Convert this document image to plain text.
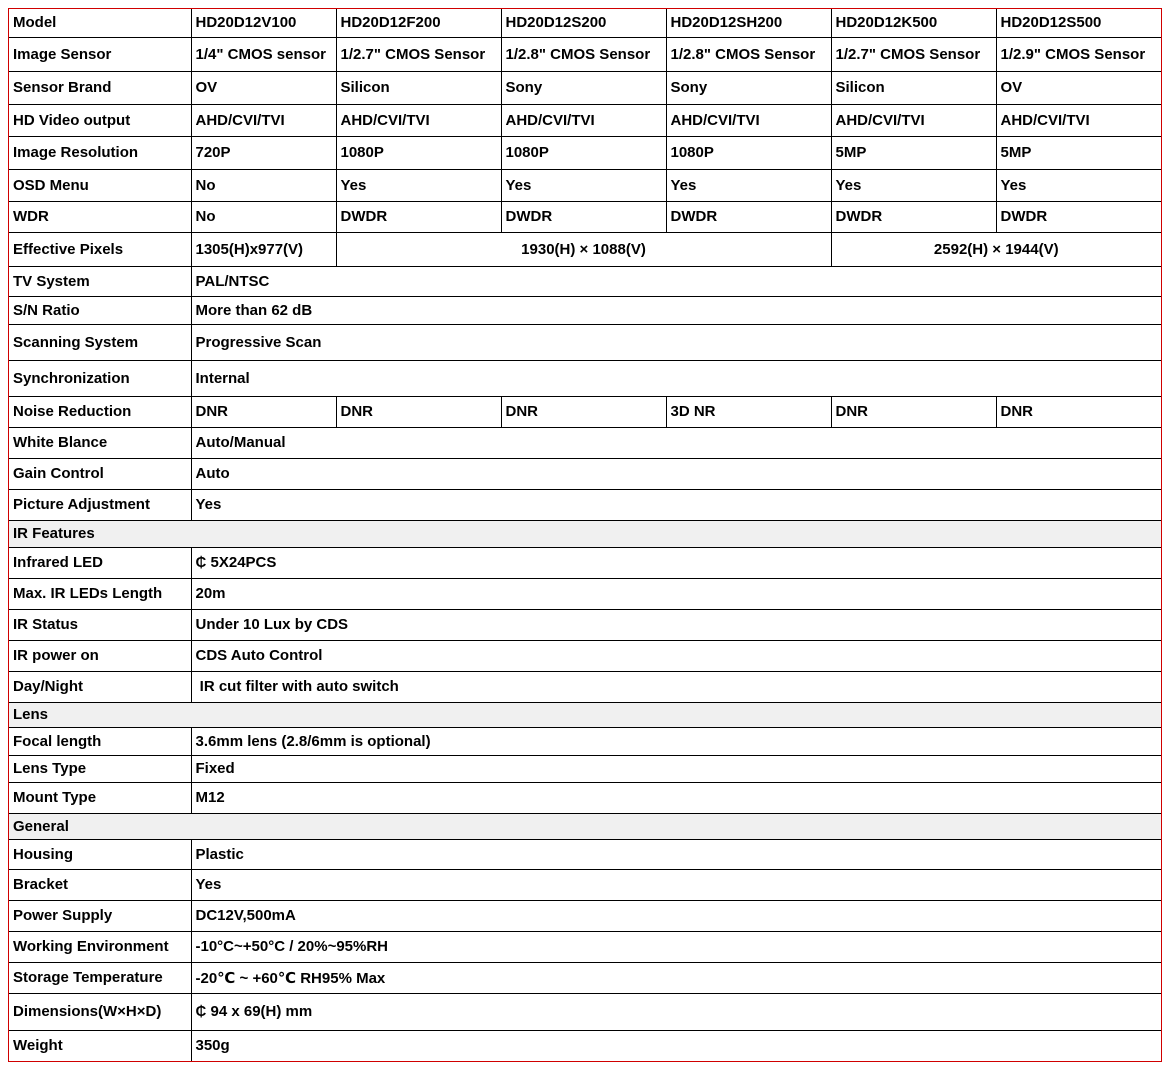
Model	HD20D12V100	HD20D12F200	HD20D12S200	HD20D12SH200	HD20D12K500	HD20D12S500
Image Sensor	1/4" CMOS sensor	1/2.7" CMOS Sensor	1/2.8" CMOS Sensor	1/2.8" CMOS Sensor	1/2.7" CMOS Sensor	1/2.9" CMOS Sensor
Sensor Brand	OV	Silicon	Sony	Sony	Silicon	OV
HD Video output	AHD/CVI/TVI	AHD/CVI/TVI	AHD/CVI/TVI	AHD/CVI/TVI	AHD/CVI/TVI	AHD/CVI/TVI
Image Resolution	720P	1080P	1080P	1080P	5MP	5MP
OSD Menu	No	Yes	Yes	Yes	Yes	Yes
WDR	No	DWDR	DWDR	DWDR	DWDR	DWDR
Effective Pixels	1305(H)x977(V)	1930(H) × 1088(V)			2592(H) × 1944(V)	
TV System	PAL/NTSC					
S/N Ratio	More than 62 dB					
Scanning System	Progressive Scan					
Synchronization	Internal					
Noise Reduction	DNR	DNR	DNR	3D NR	DNR	DNR
White Blance	Auto/Manual					
Gain Control	Auto					
Picture Adjustment	Yes					
IR Features						
Infrared LED	₵ 5X24PCS					
Max. IR LEDs Length	20m					
IR Status	Under 10 Lux by CDS					
IR power on	CDS Auto Control					
Day/Night	IR cut filter with auto switch					
Lens						
Focal length	3.6mm lens (2.8/6mm is optional)					
Lens Type	Fixed					
Mount Type	M12					
General						
Housing	Plastic					
Bracket	Yes					
Power Supply	DC12V,500mA					
Working Environment	-10°C~+50°C / 20%~95%RH					
Storage Temperature	-20℃ ~ +60℃ RH95% Max					
Dimensions(W×H×D)	₵ 94 x 69(H) mm					
Weight	350g					
